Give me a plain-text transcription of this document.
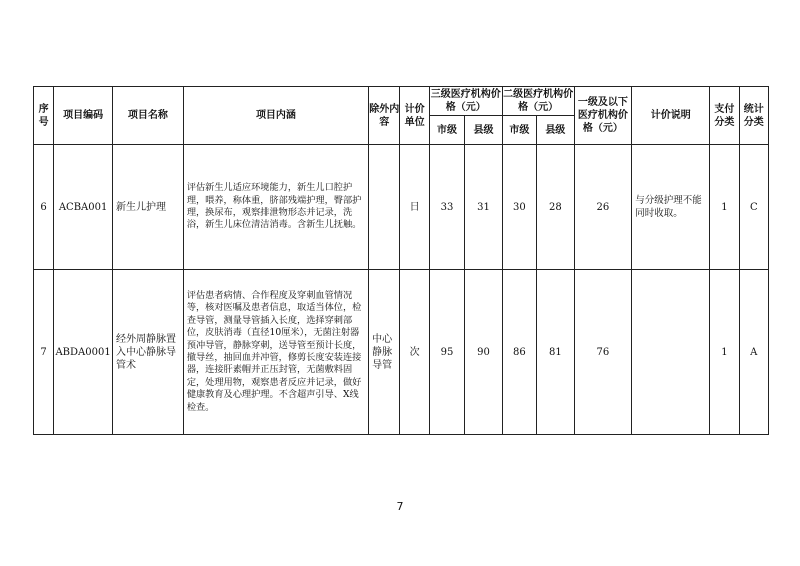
序号	项目编码	项目名称	项目内涵	除外内容	计价单位	三级医疗机构价格（元）		二级医疗机构价格（元）		一级及以下医疗机构价格（元）	计价说明	支付分类	统计分类
						市级	县级	市级	县级				
6	ACBA001	新生儿护理	评估新生儿适应环境能力，新生儿口腔护理，喂养，称体重，脐部残端护理，臀部护理，换尿布，观察排泄物形态并记录，洗浴，新生儿床位清洁消毒。含新生儿抚触。		日	33	31	30	28	26	与分级护理不能同时收取。	1	C
7	ABDA0001	经外周静脉置入中心静脉导管术	评估患者病情、合作程度及穿刺血管情况等，核对医嘱及患者信息，取适当体位，检查导管，测量导管插入长度，选择穿刺部位，皮肤消毒（直径10厘米），无菌注射器预冲导管，静脉穿刺，送导管至预计长度，撤导丝，抽回血并冲管，修剪长度安装连接器，连接肝素帽并正压封管，无菌敷料固定，处理用物，观察患者反应并记录，做好健康教育及心理护理。不含超声引导、X线检查。	中心静脉导管	次	95	90	86	81	76		1	A
7
